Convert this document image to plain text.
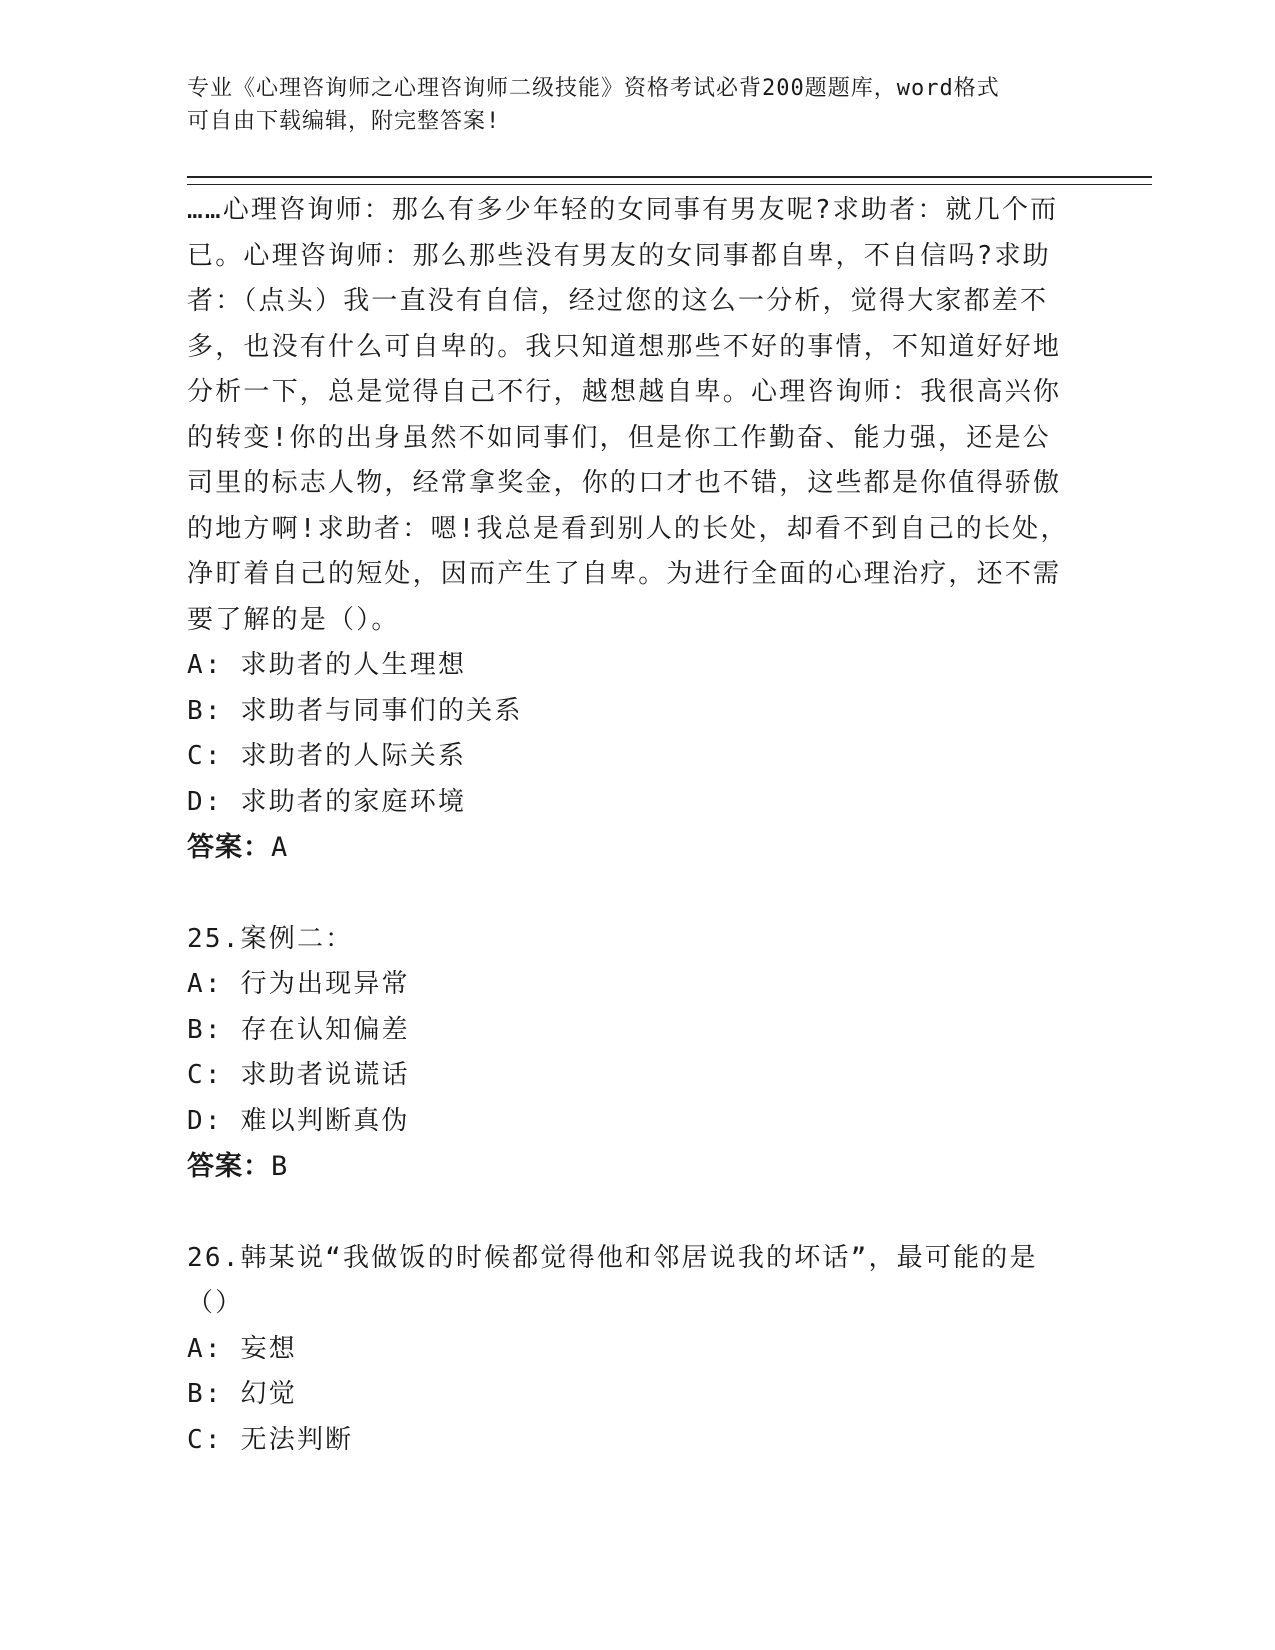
专业《心理咨询师之心理咨询师二级技能》资格考试必背200题题库，word格式
可自由下载编辑，附完整答案!

……心理咨询师：那么有多少年轻的女同事有男友呢?求助者：就几个而已。心理咨询师：那么那些没有男友的女同事都自卑，不自信吗?求助者：（点头）我一直没有自信，经过您的这么一分析，觉得大家都差不多，也没有什么可自卑的。我只知道想那些不好的事情，不知道好好地分析一下，总是觉得自己不行，越想越自卑。心理咨询师：我很高兴你的转变!你的出身虽然不如同事们，但是你工作勤奋、能力强，还是公司里的标志人物，经常拿奖金，你的口才也不错，这些都是你值得骄傲的地方啊!求助者：嗯!我总是看到别人的长处，却看不到自己的长处，净盯着自己的短处，因而产生了自卑。为进行全面的心理治疗，还不需要了解的是（）。

A: 求助者的人生理想

B: 求助者与同事们的关系

C: 求助者的人际关系

D: 求助者的家庭环境

答案：A

25.案例二：

A: 行为出现异常

B: 存在认知偏差

C: 求助者说谎话

D: 难以判断真伪

答案：B

26.韩某说“我做饭的时候都觉得他和邻居说我的坏话”，最可能的是（）

A: 妄想

B: 幻觉

C: 无法判断
